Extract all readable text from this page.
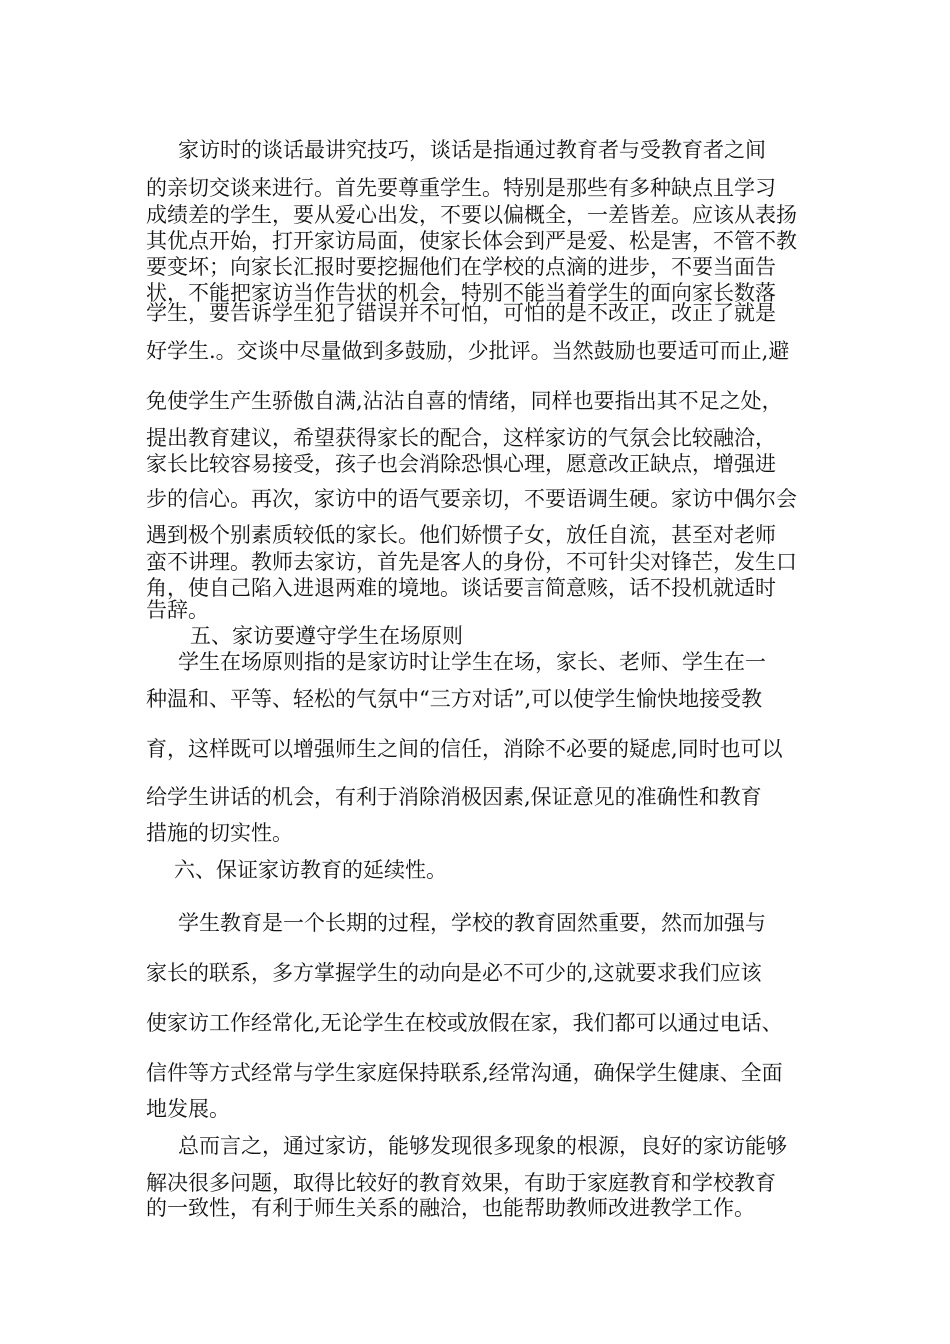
家访时的谈话最讲究技巧，谈话是指通过教育者与受教育者之间

的亲切交谈来进行。首先要尊重学生。特别是那些有多种缺点且学习

成绩差的学生，要从爱心出发，不要以偏概全，一差皆差。应该从表扬

其优点开始，打开家访局面，使家长体会到严是爱、松是害，不管不教

要变坏；向家长汇报时要挖掘他们在学校的点滴的进步，不要当面告

状，不能把家访当作告状的机会，特别不能当着学生的面向家长数落

学生，要告诉学生犯了错误并不可怕，可怕的是不改正，改正了就是

好学生.。交谈中尽量做到多鼓励，少批评。当然鼓励也要适可而止,避

免使学生产生骄傲自满,沾沾自喜的情绪，同样也要指出其不足之处，

提出教育建议，希望获得家长的配合，这样家访的气氛会比较融洽，

家长比较容易接受，孩子也会消除恐惧心理，愿意改正缺点，增强进

步的信心。再次，家访中的语气要亲切，不要语调生硬。家访中偶尔会

遇到极个别素质较低的家长。他们娇惯子女，放任自流，甚至对老师

蛮不讲理。教师去家访，首先是客人的身份，不可针尖对锋芒，发生口

角，使自己陷入进退两难的境地。谈话要言简意赅，话不投机就适时

告辞。

五、家访要遵守学生在场原则

学生在场原则指的是家访时让学生在场，家长、老师、学生在一

种温和、平等、轻松的气氛中“三方对话”,可以使学生愉快地接受教

育，这样既可以增强师生之间的信任，消除不必要的疑虑,同时也可以

给学生讲话的机会，有利于消除消极因素,保证意见的准确性和教育

措施的切实性。

六、保证家访教育的延续性。

学生教育是一个长期的过程，学校的教育固然重要，然而加强与

家长的联系，多方掌握学生的动向是必不可少的,这就要求我们应该

使家访工作经常化,无论学生在校或放假在家，我们都可以通过电话、

信件等方式经常与学生家庭保持联系,经常沟通，确保学生健康、全面

地发展。

总而言之，通过家访，能够发现很多现象的根源，良好的家访能够

解决很多问题，取得比较好的教育效果，有助于家庭教育和学校教育

的一致性，有利于师生关系的融洽，也能帮助教师改进教学工作。
